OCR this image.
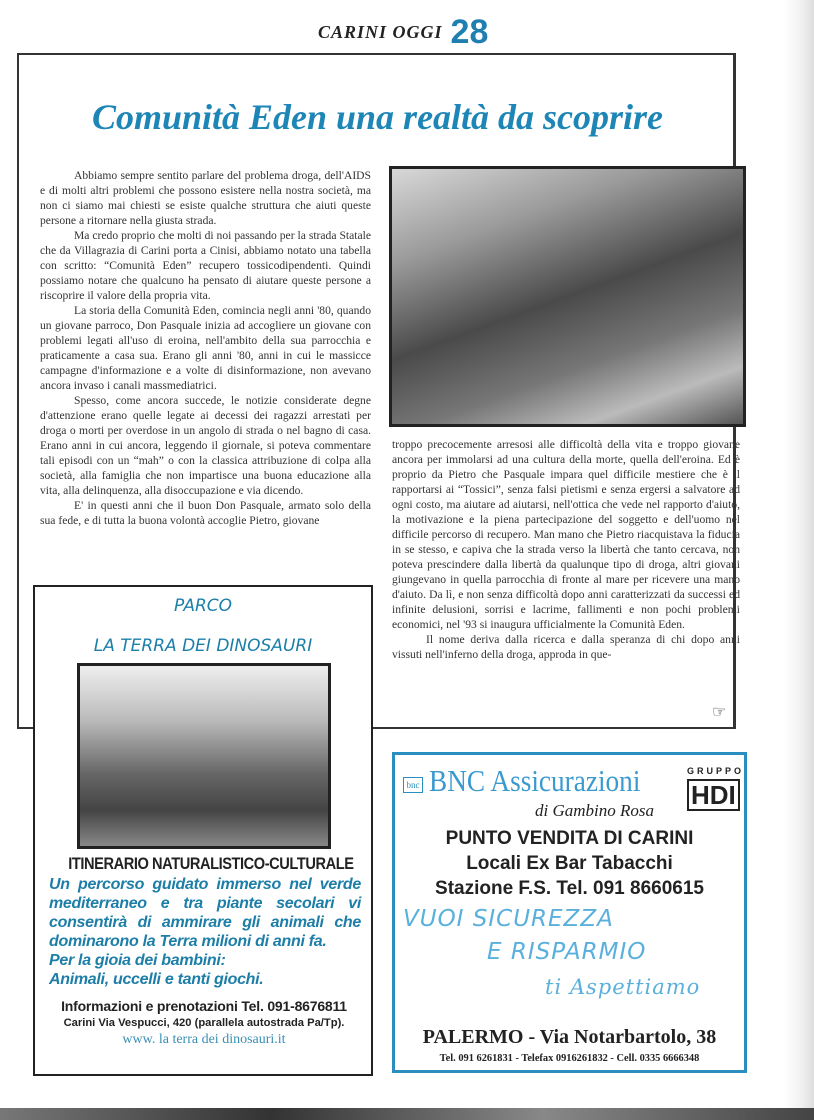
CARINI OGGI 28
Comunità Eden una realtà da scoprire

Abbiamo sempre sentito parlare del problema droga, dell'AIDS e di molti altri problemi che possono esistere nella nostra società, ma non ci siamo mai chiesti se esiste qualche struttura che aiuti queste persone a ritornare nella giusta strada.

Ma credo proprio che molti di noi passando per la strada Statale che da Villagrazia di Carini porta a Cinisi, abbiamo notato una tabella con scritto: “Comunità Eden” recupero tossicodipendenti. Quindi possiamo notare che qualcuno ha pensato di aiutare queste persone a riscoprire il valore della propria vita.

La storia della Comunità Eden, comincia negli anni '80, quando un giovane parroco, Don Pasquale inizia ad accogliere un giovane con problemi legati all'uso di eroina, nell'ambito della sua parrocchia e praticamente a casa sua. Erano gli anni '80, anni in cui le massicce campagne d'informazione e a volte di disinformazione, non avevano ancora invaso i canali massmediatrici.

Spesso, come ancora succede, le notizie considerate degne d'attenzione erano quelle legate ai decessi dei ragazzi arrestati per droga o morti per overdose in un angolo di strada o nel bagno di casa. Erano anni in cui ancora, leggendo il giornale, si poteva commentare tali episodi con un “mah” o con la classica attribuzione di colpa alla società, alla famiglia che non impartisce una buona educazione alla vita, alla delinquenza, alla disoccupazione e via dicendo.

E' in questi anni che il buon Don Pasquale, armato solo della sua fede, e di tutta la buona volontà accoglie Pietro, giovane

troppo precocemente arresosi alle difficoltà della vita e troppo giovane ancora per immolarsi ad una cultura della morte, quella dell'eroina. Ed è proprio da Pietro che Pasquale impara quel difficile mestiere che è il rapportarsi ai “Tossici”, senza falsi pietismi e senza ergersi a salvatore ad ogni costo, ma aiutare ad aiutarsi, nell'ottica che vede nel rapporto d'aiuto, la motivazione e la piena partecipazione del soggetto e dell'uomo nel difficile percorso di recupero. Man mano che Pietro riacquistava la fiducia in se stesso, e capiva che la strada verso la libertà che tanto cercava, non poteva prescindere dalla libertà da qualunque tipo di droga, altri giovani giungevano in quella parrocchia di fronte al mare per ricevere una mano d'aiuto. Da lì, e non senza difficoltà dopo anni caratterizzati da successi ed infinite delusioni, sorrisi e lacrime, fallimenti e non pochi problemi economici, nel '93 si inaugura ufficialmente la Comunità Eden.

Il nome deriva dalla ricerca e dalla speranza di chi dopo anni vissuti nell'inferno della droga, approda in que-

☞
PARCO
LA TERRA DEI DINOSAURI
ITINERARIO NATURALISTICO-CULTURALE
Un percorso guidato immerso nel verde mediterraneo e tra piante secolari vi consentirà di ammirare gli animali che dominarono la Terra milioni di anni fa.
Per la gioia dei bambini:
Animali, uccelli e tanti giochi.
Informazioni e prenotazioni Tel. 091-8676811
Carini Via Vespucci, 420 (parallela autostrada Pa/Tp).
www. la terra dei dinosauri.it
bnc BNC Assicurazioni	GRUPPO
HDI
di Gambino Rosa
PUNTO VENDITA DI CARINI
Locali Ex Bar Tabacchi
Stazione F.S. Tel. 091 8660615
VUOI SICUREZZA
E RISPARMIO
ti Aspettiamo
PALERMO - Via Notarbartolo, 38
Tel. 091 6261831 - Telefax 0916261832 - Cell. 0335 6666348
